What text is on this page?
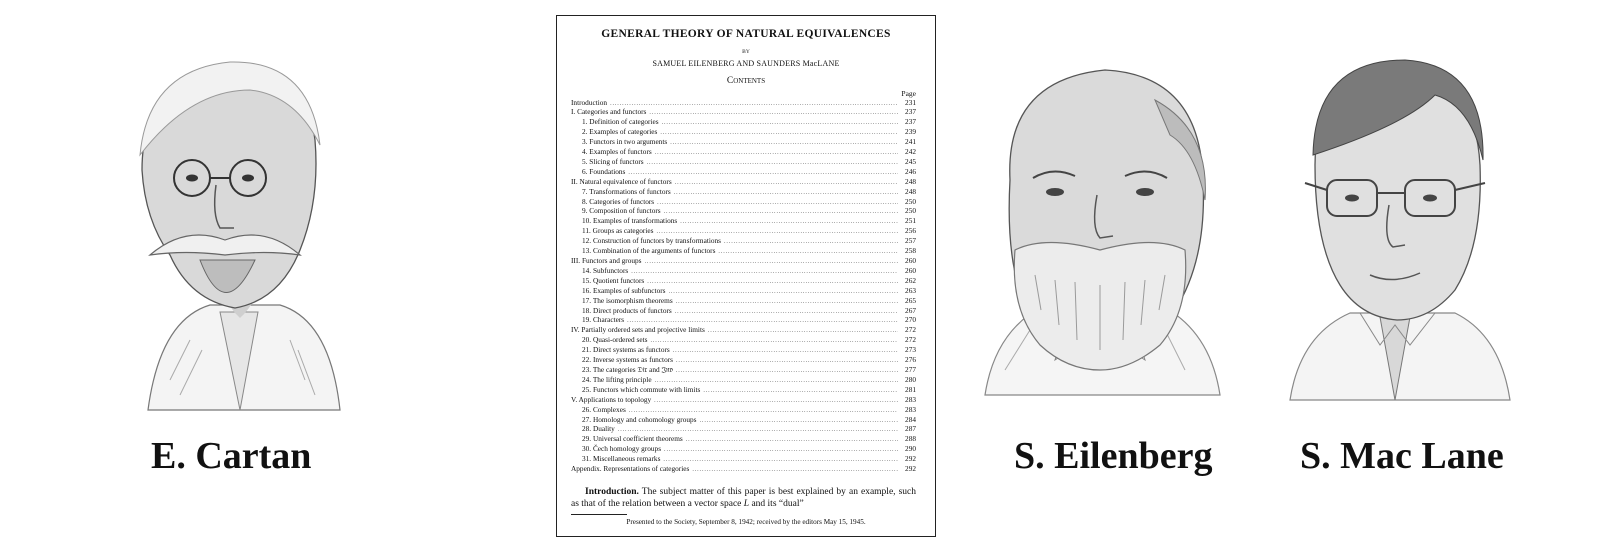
E. Cartan
GENERAL THEORY OF NATURAL EQUIVALENCES
BY
SAMUEL EILENBERG AND SAUNDERS MacLANE
Contents
Page
Introduction .....	231
I. Categories and functors .....	237
1. Definition of categories .....	237
2. Examples of categories .....	239
3. Functors in two arguments .....	241
4. Examples of functors .....	242
5. Slicing of functors .....	245
6. Foundations .....	246
II. Natural equivalence of functors .....	248
7. Transformations of functors .....	248
8. Categories of functors .....	250
9. Composition of functors .....	250
10. Examples of transformations .....	251
11. Groups as categories .....	256
12. Construction of functors by transformations .....	257
13. Combination of the arguments of functors .....	258
III. Functors and groups .....	260
14. Subfunctors .....	260
15. Quotient functors .....	262
16. Examples of subfunctors .....	263
17. The isomorphism theorems .....	265
18. Direct products of functors .....	267
19. Characters .....	270
IV. Partially ordered sets and projective limits .....	272
20. Quasi-ordered sets .....	272
21. Direct systems as functors .....	273
22. Inverse systems as functors .....	276
23. The categories 𝔇𝔦𝔯 and 𝔍𝔫𝔳 .....	277
24. The lifting principle .....	280
25. Functors which commute with limits .....	281
V. Applications to topology .....	283
26. Complexes .....	283
27. Homology and cohomology groups .....	284
28. Duality .....	287
29. Universal coefficient theorems .....	288
30. Čech homology groups .....	290
31. Miscellaneous remarks .....	292
Appendix. Representations of categories .....	292
Introduction. The subject matter of this paper is best explained by an example, such as that of the relation between a vector space L and its “dual”
Presented to the Society, September 8, 1942; received by the editors May 15, 1945.
S. Eilenberg S. Mac Lane
